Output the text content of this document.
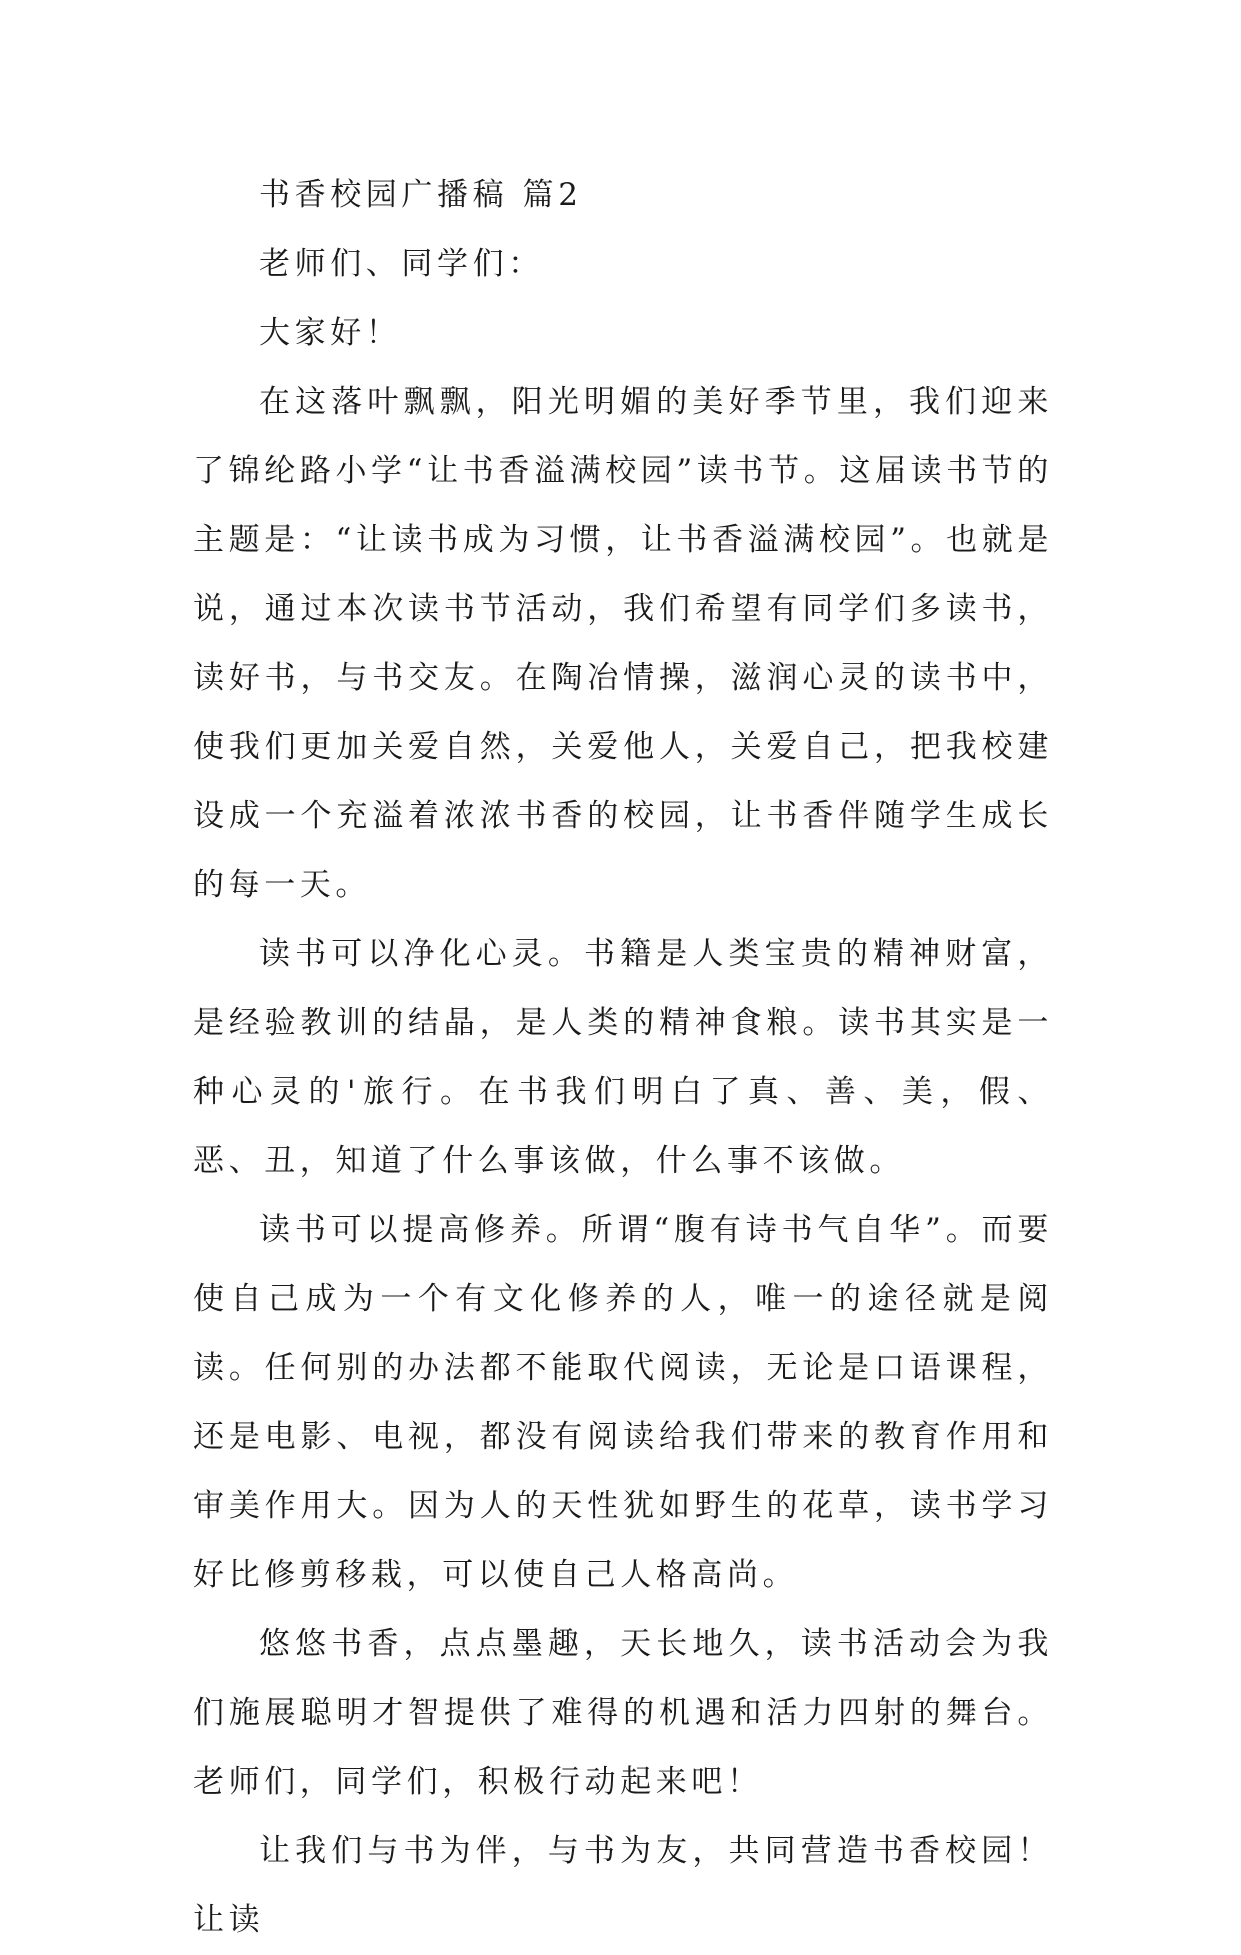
书香校园广播稿 篇2

老师们、同学们：

大家好！

在这落叶飘飘，阳光明媚的美好季节里，我们迎来了锦纶路小学“让书香溢满校园”读书节。这届读书节的主题是：“让读书成为习惯，让书香溢满校园”。也就是说，通过本次读书节活动，我们希望有同学们多读书，读好书，与书交友。在陶冶情操，滋润心灵的读书中，使我们更加关爱自然，关爱他人，关爱自己，把我校建设成一个充溢着浓浓书香的校园，让书香伴随学生成长的每一天。

读书可以净化心灵。书籍是人类宝贵的精神财富，是经验教训的结晶，是人类的精神食粮。读书其实是一种心灵的'旅行。在书我们明白了真、善、美，假、恶、丑，知道了什么事该做，什么事不该做。

读书可以提高修养。所谓“腹有诗书气自华”。而要使自己成为一个有文化修养的人，唯一的途径就是阅读。任何别的办法都不能取代阅读，无论是口语课程，还是电影、电视，都没有阅读给我们带来的教育作用和审美作用大。因为人的天性犹如野生的花草，读书学习好比修剪移栽，可以使自己人格高尚。

悠悠书香，点点墨趣，天长地久，读书活动会为我们施展聪明才智提供了难得的机遇和活力四射的舞台。老师们，同学们，积极行动起来吧！

让我们与书为伴，与书为友，共同营造书香校园！让读
